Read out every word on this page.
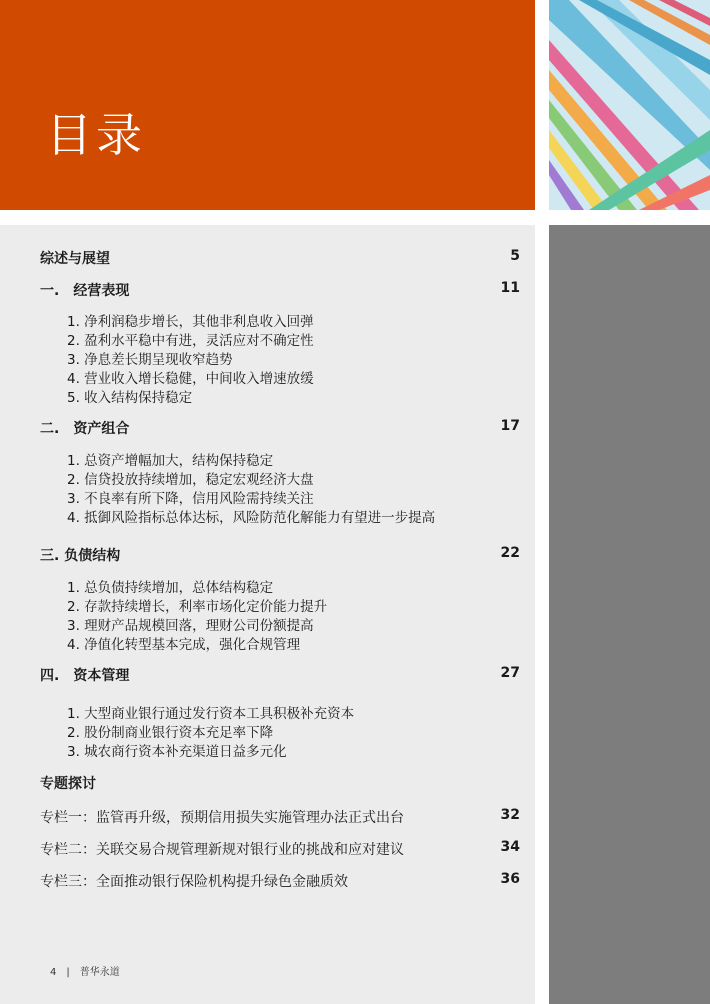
目录
综述与展望	5
一.　经营表现	11
1. 净利润稳步增长，其他非利息收入回弹
2. 盈利水平稳中有进，灵活应对不确定性
3. 净息差长期呈现收窄趋势
4. 营业收入增长稳健，中间收入增速放缓
5. 收入结构保持稳定
二.　资产组合	17
1. 总资产增幅加大，结构保持稳定
2. 信贷投放持续增加，稳定宏观经济大盘
3. 不良率有所下降，信用风险需持续关注
4. 抵御风险指标总体达标，风险防范化解能力有望进一步提高
三. 负债结构	22
1. 总负债持续增加，总体结构稳定
2. 存款持续增长，利率市场化定价能力提升
3. 理财产品规模回落，理财公司份额提高
4. 净值化转型基本完成，强化合规管理
四.　资本管理	27
1. 大型商业银行通过发行资本工具积极补充资本
2. 股份制商业银行资本充足率下降
3. 城农商行资本补充渠道日益多元化
专题探讨
专栏一：监管再升级，预期信用损失实施管理办法正式出台	32
专栏二：关联交易合规管理新规对银行业的挑战和应对建议	34
专栏三：全面推动银行保险机构提升绿色金融质效	36
4 | 普华永道
